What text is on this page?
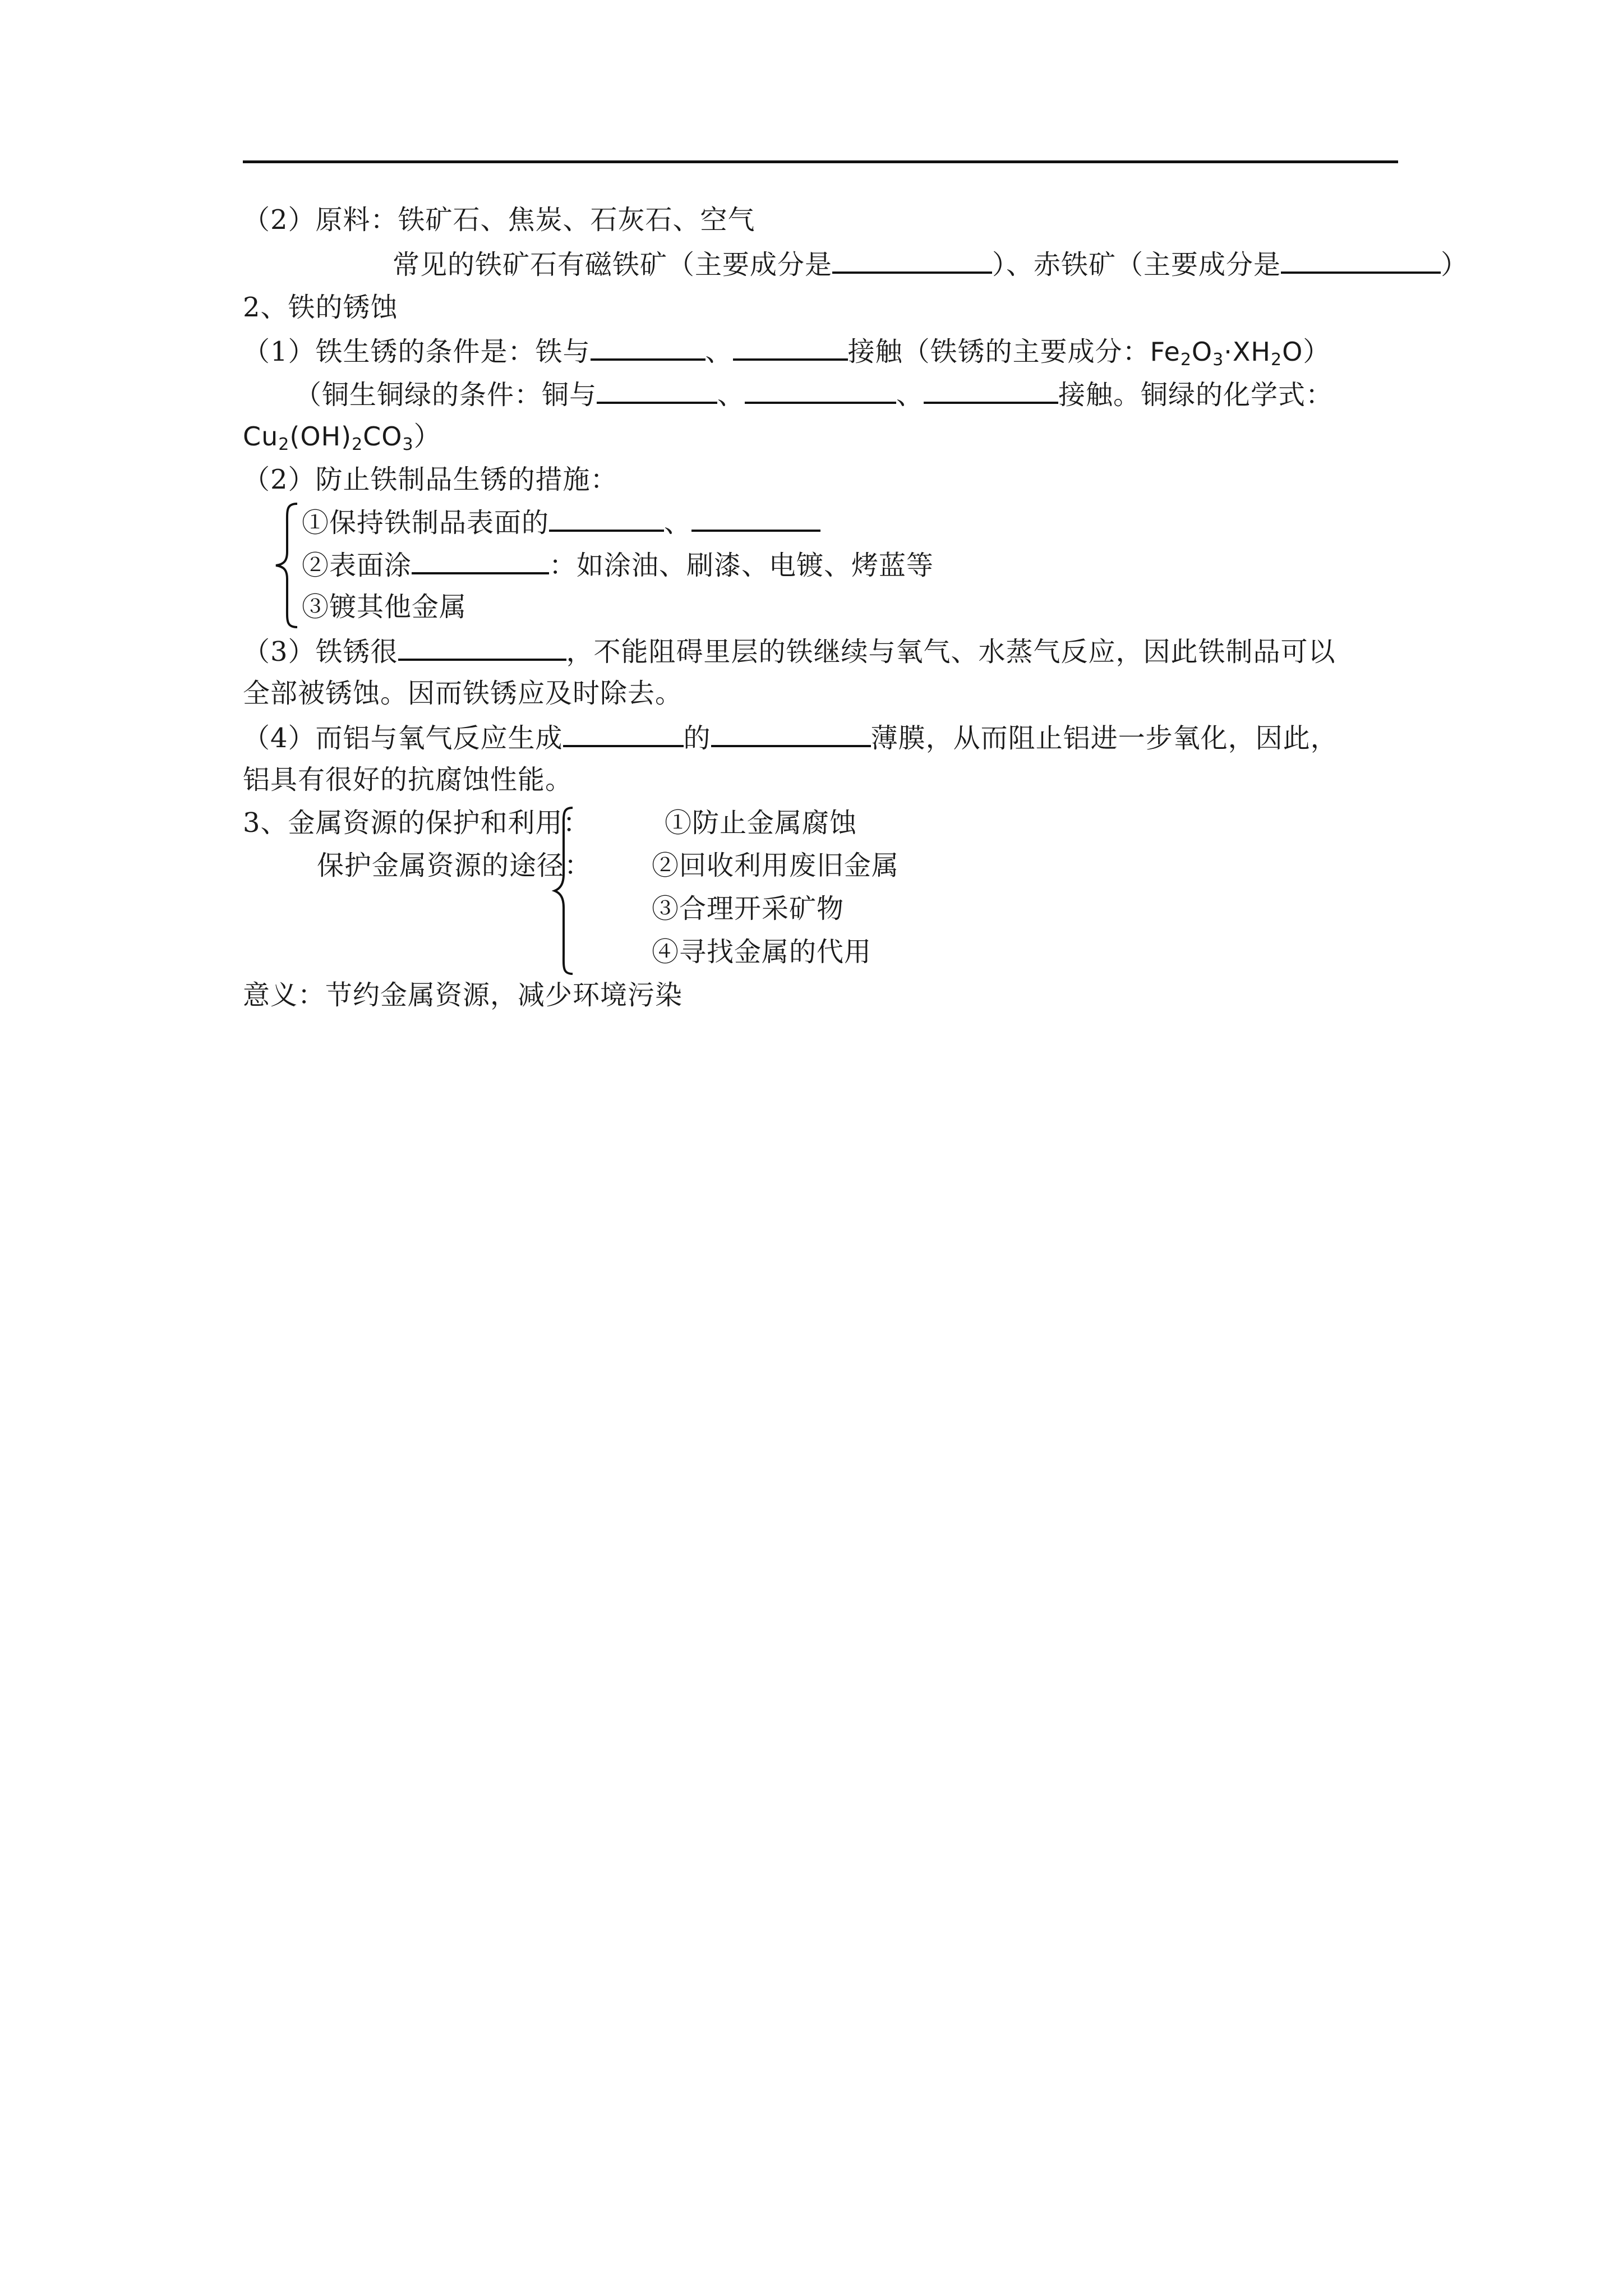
（2）原料：铁矿石、焦炭、石灰石、空气
常见的铁矿石有磁铁矿（主要成分是	）、赤铁矿（主要成分是	）
2、铁的锈蚀
（1）铁生锈的条件是：铁与	、	接触（铁锈的主要成分：$Fe_2O_3\cdot XH_2O$）
（铜生铜绿的条件：铜与	、	、	接触。铜绿的化学式：
$Cu_2(OH)_2CO_3$）
（2）防止铁制品生锈的措施：
①保持铁制品表面的	、
②表面涂	：如涂油、刷漆、电镀、烤蓝等
③镀其他金属
（3）铁锈很	，不能阻碍里层的铁继续与氧气、水蒸气反应，因此铁制品可以
全部被锈蚀。因而铁锈应及时除去。
（4）而铝与氧气反应生成	的	薄膜，从而阻止铝进一步氧化，因此，
铝具有很好的抗腐蚀性能。
3、金属资源的保护和利用：	①防止金属腐蚀
保护金属资源的途径： ②回收利用废旧金属
③合理开采矿物
④寻找金属的代用
意义：节约金属资源，减少环境污染
